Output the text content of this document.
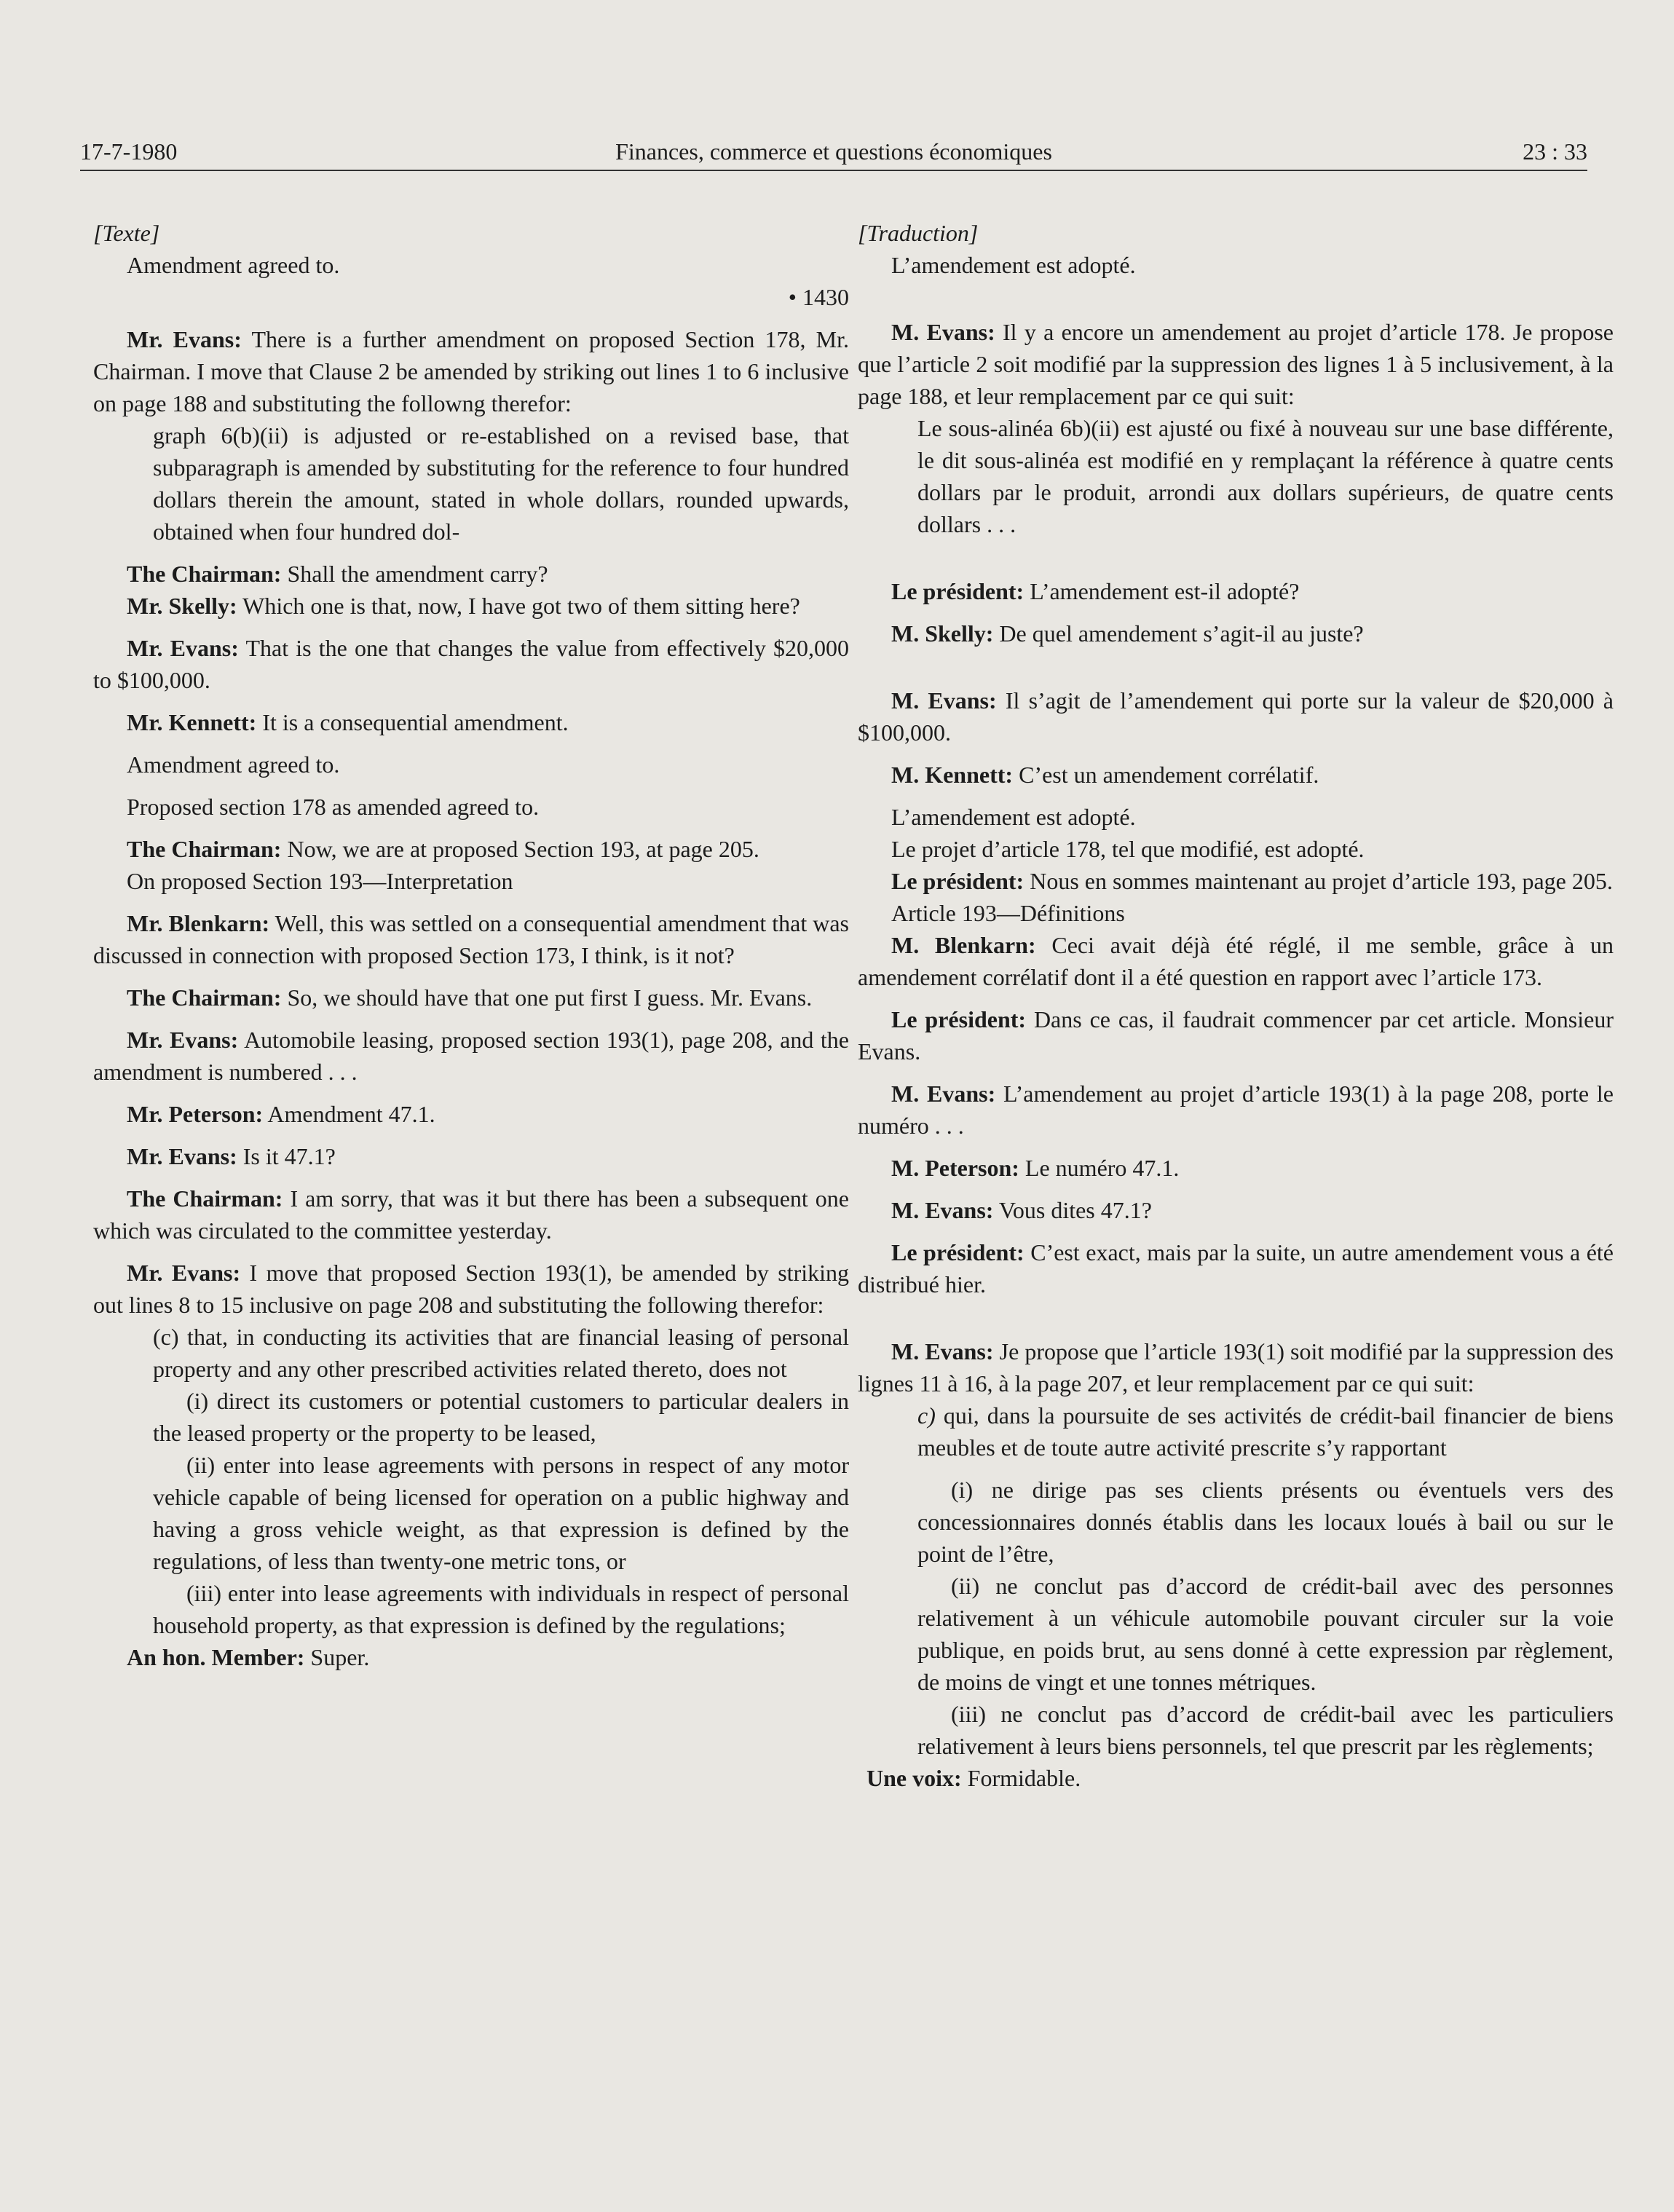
Finances, commerce et questions économiques
17-7-1980	23 : 33

[Texte]

Amendment agreed to.

• 1430

Mr. Evans: There is a further amendment on proposed Section 178, Mr. Chairman. I move that Clause 2 be amended by striking out lines 1 to 6 inclusive on page 188 and substituting the followng therefor:

graph 6(b)(ii) is adjusted or re-established on a revised base, that subparagraph is amended by substituting for the reference to four hundred dollars therein the amount, stated in whole dollars, rounded upwards, obtained when four hundred dol-

The Chairman: Shall the amendment carry?

Mr. Skelly: Which one is that, now, I have got two of them sitting here?

Mr. Evans: That is the one that changes the value from effectively $20,000 to $100,000.

Mr. Kennett: It is a consequential amendment.

Amendment agreed to.

Proposed section 178 as amended agreed to.

The Chairman: Now, we are at proposed Section 193, at page 205.

On proposed Section 193—Interpretation

Mr. Blenkarn: Well, this was settled on a consequential amendment that was discussed in connection with proposed Section 173, I think, is it not?

The Chairman: So, we should have that one put first I guess. Mr. Evans.

Mr. Evans: Automobile leasing, proposed section 193(1), page 208, and the amendment is numbered . . .

Mr. Peterson: Amendment 47.1.

Mr. Evans: Is it 47.1?

The Chairman: I am sorry, that was it but there has been a subsequent one which was circulated to the committee yesterday.

Mr. Evans: I move that proposed Section 193(1), be amended by striking out lines 8 to 15 inclusive on page 208 and substituting the following therefor:

(c) that, in conducting its activities that are financial leasing of personal property and any other prescribed activities related thereto, does not

(i) direct its customers or potential customers to particular dealers in the leased property or the property to be leased,

(ii) enter into lease agreements with persons in respect of any motor vehicle capable of being licensed for operation on a public highway and having a gross vehicle weight, as that expression is defined by the regulations, of less than twenty-one metric tons, or

(iii) enter into lease agreements with individuals in respect of personal household property, as that expression is defined by the regulations;

An hon. Member: Super.

[Traduction]

L’amendement est adopté.

M. Evans: Il y a encore un amendement au projet d’article 178. Je propose que l’article 2 soit modifié par la suppression des lignes 1 à 5 inclusivement, à la page 188, et leur remplacement par ce qui suit:

Le sous-alinéa 6b)(ii) est ajusté ou fixé à nouveau sur une base différente, le dit sous-alinéa est modifié en y remplaçant la référence à quatre cents dollars par le produit, arrondi aux dollars supérieurs, de quatre cents dollars . . .

Le président: L’amendement est-il adopté?

M. Skelly: De quel amendement s’agit-il au juste?

M. Evans: Il s’agit de l’amendement qui porte sur la valeur de $20,000 à $100,000.

M. Kennett: C’est un amendement corrélatif.

L’amendement est adopté.

Le projet d’article 178, tel que modifié, est adopté.

Le président: Nous en sommes maintenant au projet d’article 193, page 205.

Article 193—Définitions

M. Blenkarn: Ceci avait déjà été réglé, il me semble, grâce à un amendement corrélatif dont il a été question en rapport avec l’article 173.

Le président: Dans ce cas, il faudrait commencer par cet article. Monsieur Evans.

M. Evans: L’amendement au projet d’article 193(1) à la page 208, porte le numéro . . .

M. Peterson: Le numéro 47.1.

M. Evans: Vous dites 47.1?

Le président: C’est exact, mais par la suite, un autre amendement vous a été distribué hier.

M. Evans: Je propose que l’article 193(1) soit modifié par la suppression des lignes 11 à 16, à la page 207, et leur remplacement par ce qui suit:

c) qui, dans la poursuite de ses activités de crédit-bail financier de biens meubles et de toute autre activité prescrite s’y rapportant

(i) ne dirige pas ses clients présents ou éventuels vers des concessionnaires donnés établis dans les locaux loués à bail ou sur le point de l’être,

(ii) ne conclut pas d’accord de crédit-bail avec des personnes relativement à un véhicule automobile pouvant circuler sur la voie publique, en poids brut, au sens donné à cette expression par règlement, de moins de vingt et une tonnes métriques.

(iii) ne conclut pas d’accord de crédit-bail avec les particuliers relativement à leurs biens personnels, tel que prescrit par les règlements;

Une voix: Formidable.
